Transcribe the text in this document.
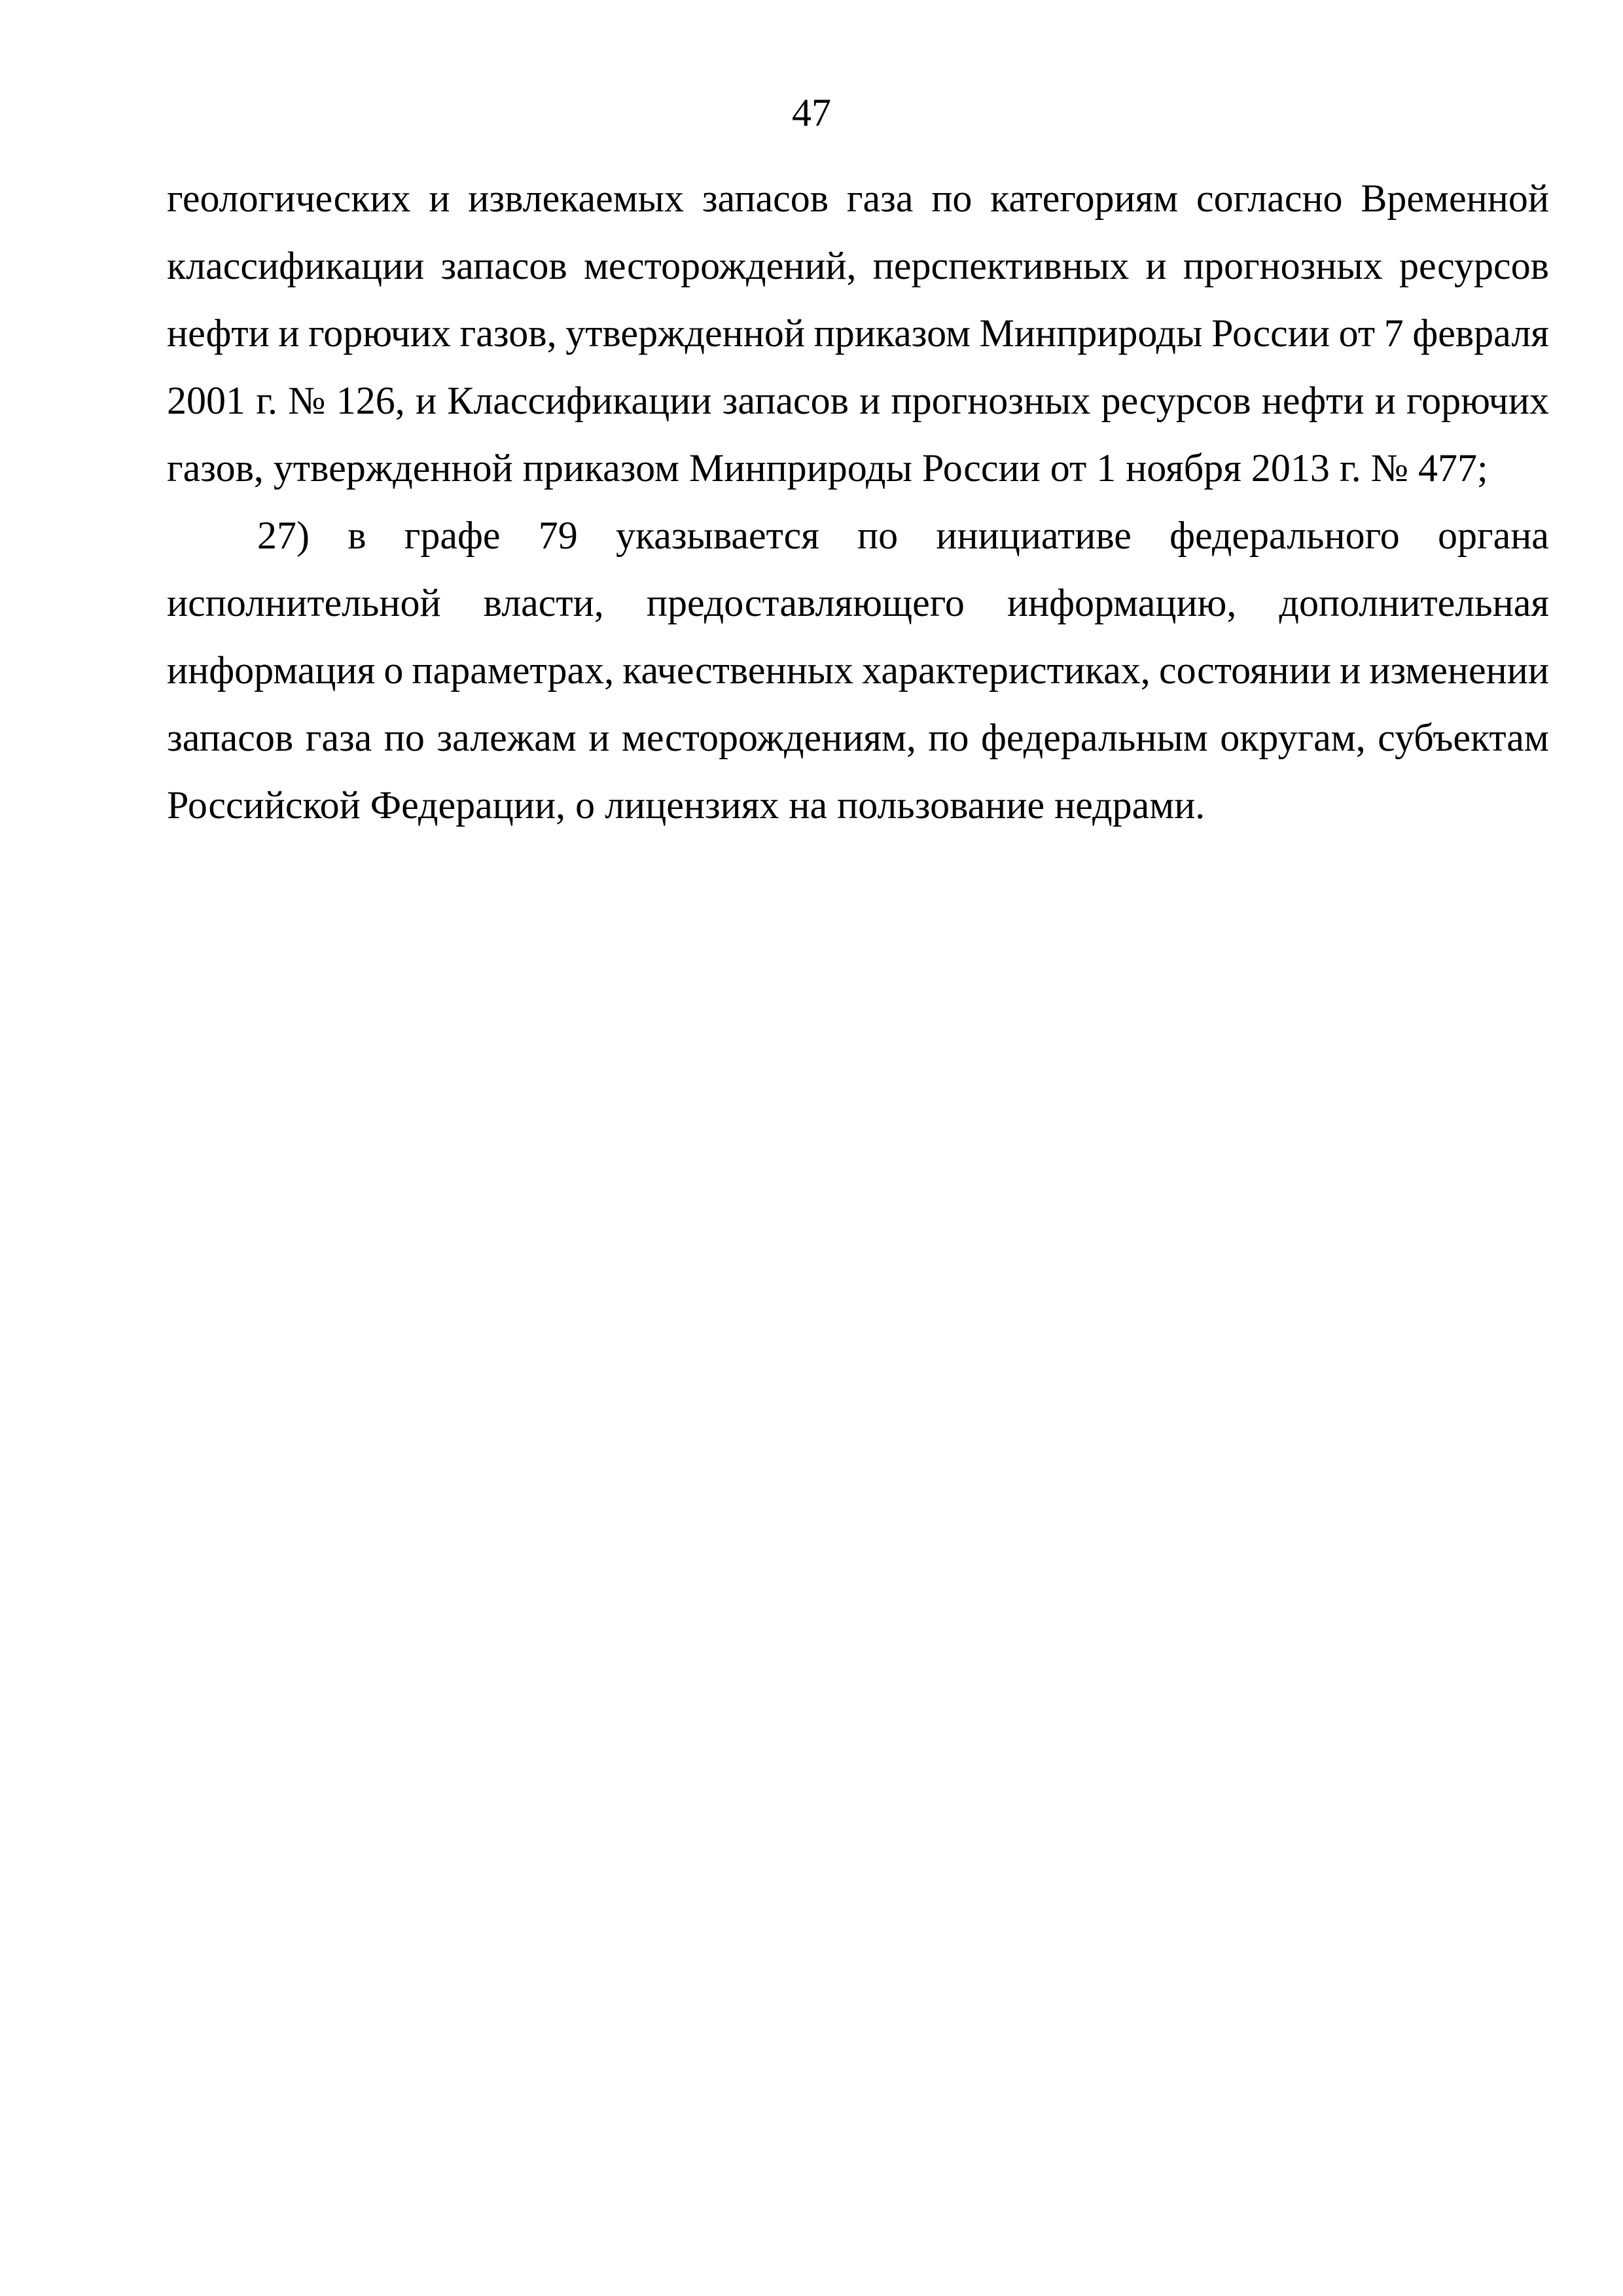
47
геологических и извлекаемых запасов газа по категориям согласно Временной
классификации запасов месторождений, перспективных и прогнозных ресурсов
нефти и горючих газов, утвержденной приказом Минприроды России от 7 февраля
2001 г. № 126, и Классификации запасов и прогнозных ресурсов нефти и горючих
газов, утвержденной приказом Минприроды России от 1 ноября 2013 г. № 477;
27) в графе 79 указывается по инициативе федерального органа
исполнительной власти, предоставляющего информацию, дополнительная
информация о параметрах, качественных характеристиках, состоянии и изменении
запасов газа по залежам и месторождениям, по федеральным округам, субъектам
Российской Федерации, о лицензиях на пользование недрами.
